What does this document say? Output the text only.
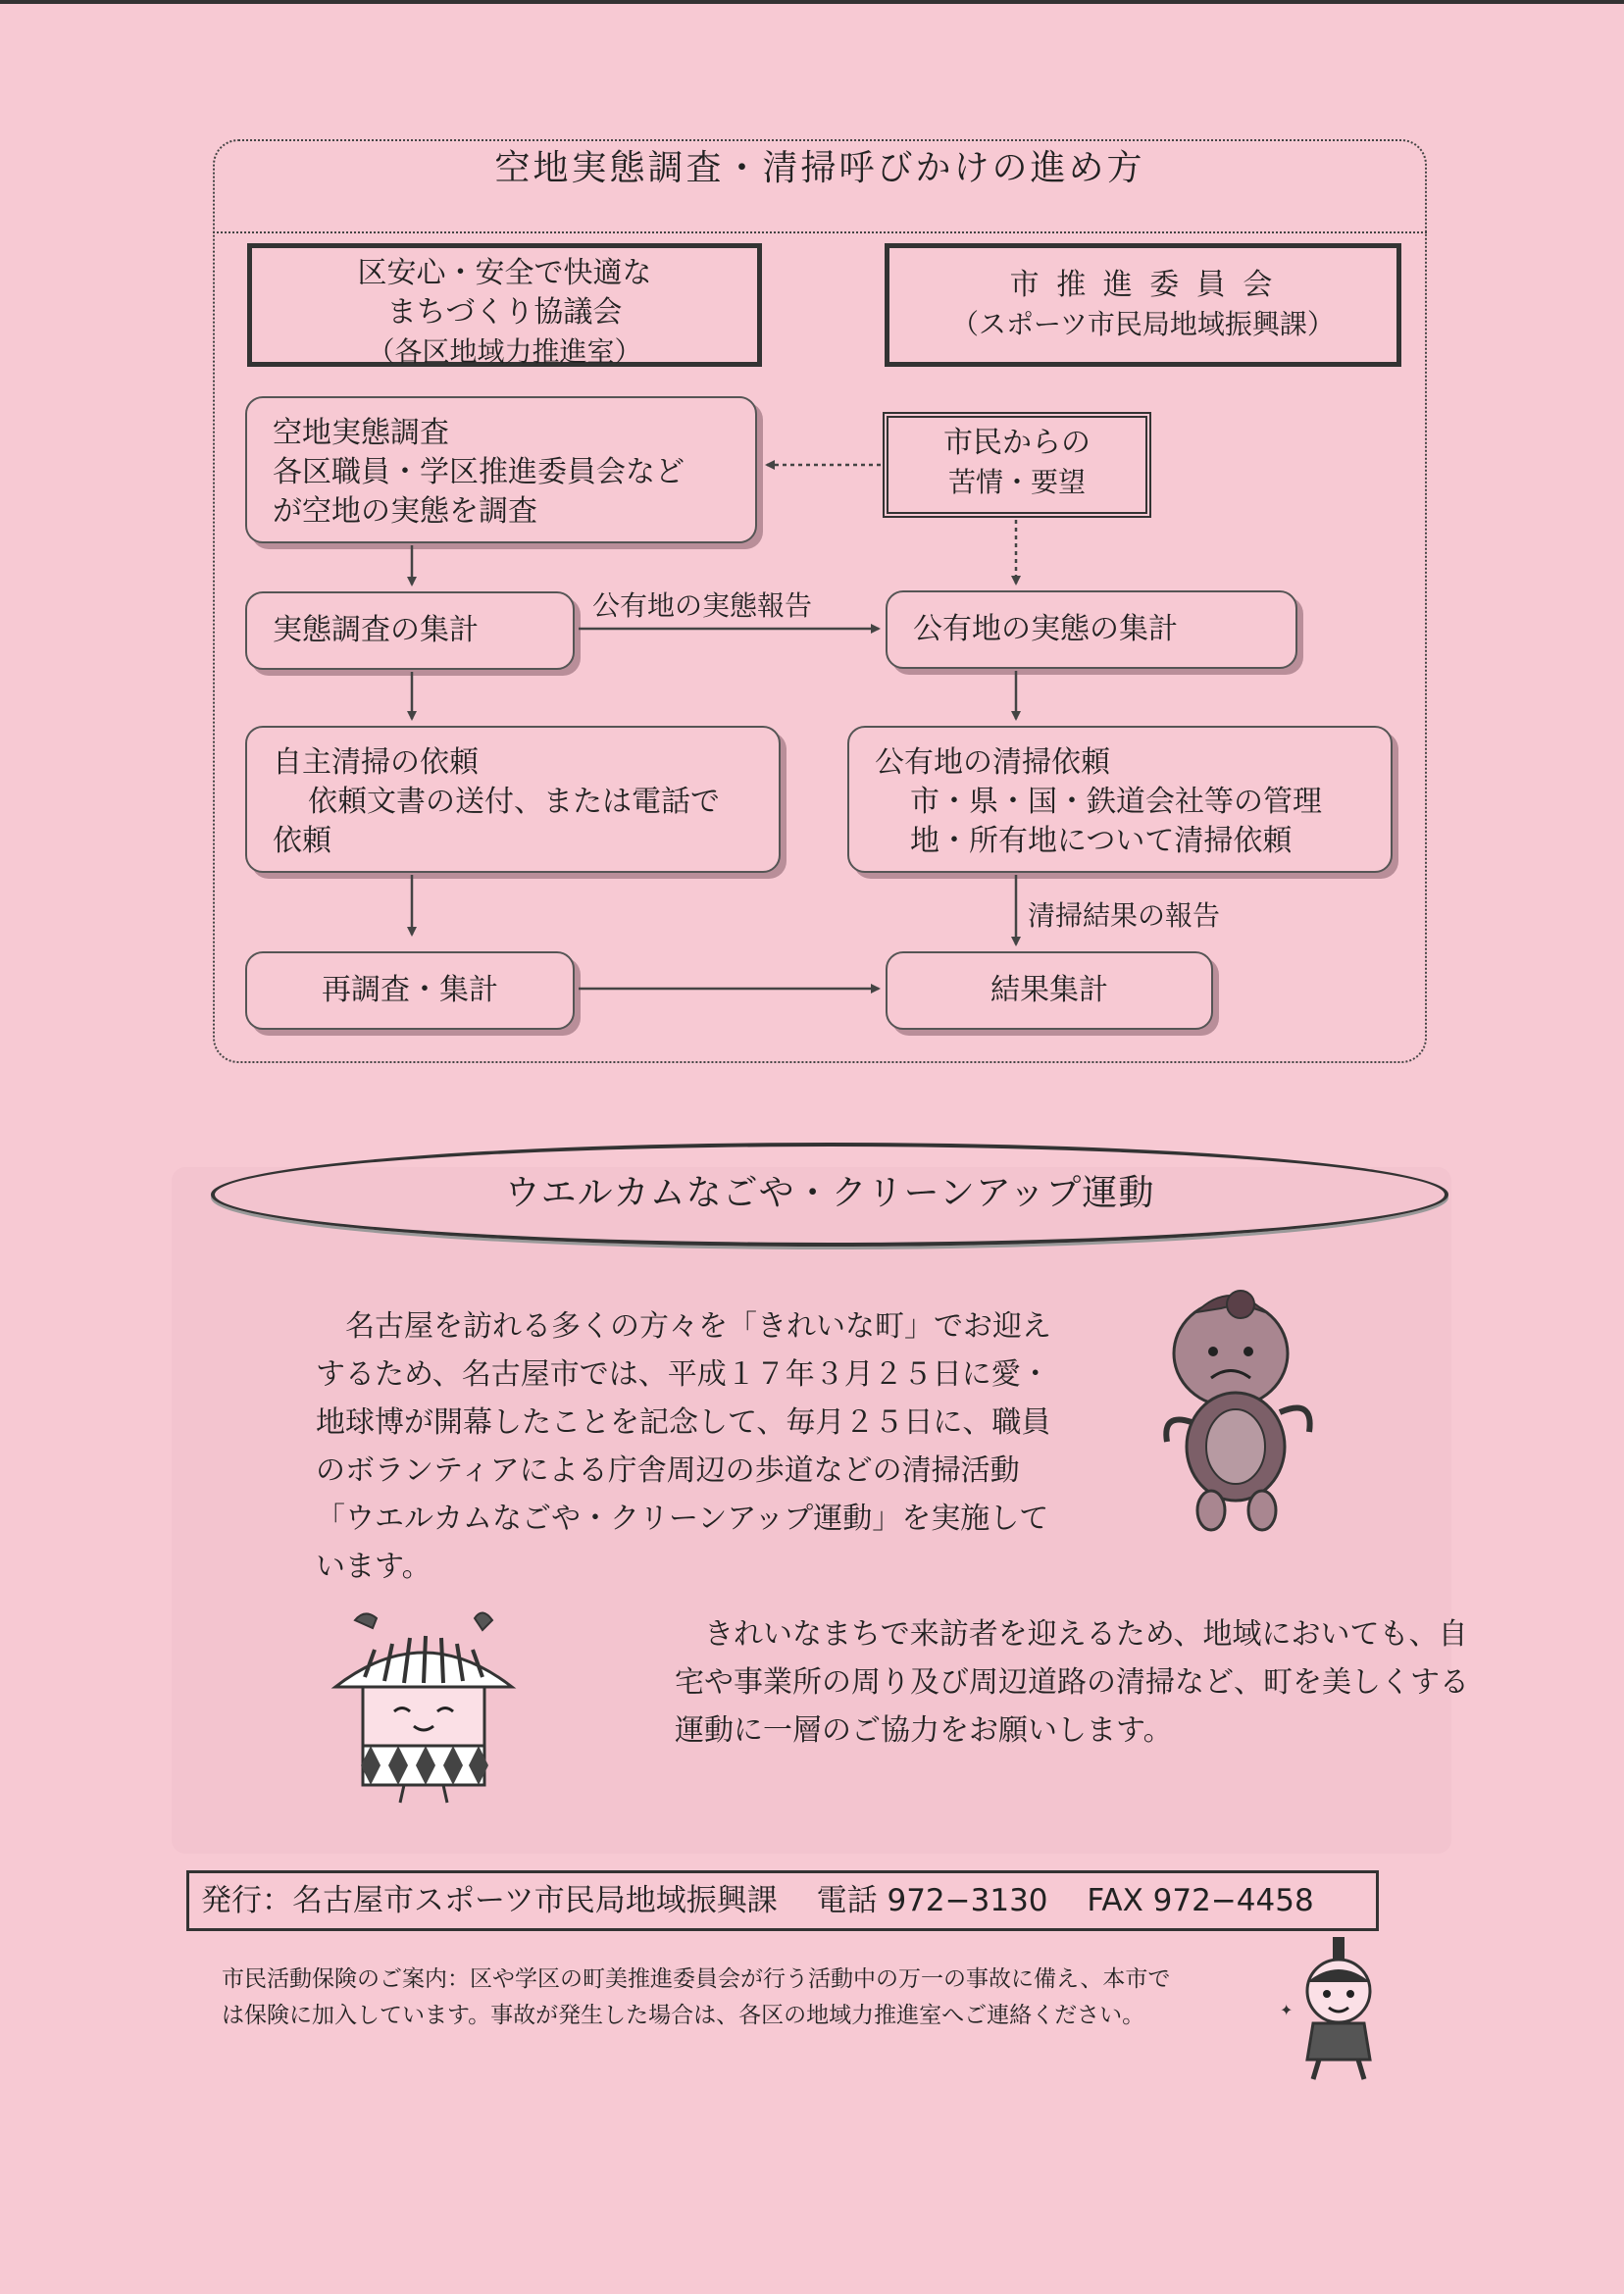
空地実態調査・清掃呼びかけの進め方
区安心・安全で快適な
まちづくり協議会
（各区地域力推進室）
市 推 進 委 員 会
（スポーツ市民局地域振興課）
空地実態調査
各区職員・学区推進委員会など
が空地の実態を調査
市民からの
苦情・要望
実態調査の集計
公有地の実態報告
公有地の実態の集計
自主清掃の依頼
依頼文書の送付、または電話で
依頼
公有地の清掃依頼
市・県・国・鉄道会社等の管理
地・所有地について清掃依頼
清掃結果の報告
再調査・集計	結果集計
ウエルカムなごや・クリーンアップ運動
　名古屋を訪れる多くの方々を「きれいな町」でお迎え
するため、名古屋市では、平成１７年３月２５日に愛・
地球博が開幕したことを記念して、毎月２５日に、職員
のボランティアによる庁舎周辺の歩道などの清掃活動
「ウエルカムなごや・クリーンアップ運動」を実施して
います。
　きれいなまちで来訪者を迎えるため、地域においても、自
宅や事業所の周り及び周辺道路の清掃など、町を美しくする
運動に一層のご協力をお願いします。
発行：名古屋市スポーツ市民局地域振興課 電話 972−3130 FAX 972−4458
市民活動保険のご案内：区や学区の町美推進委員会が行う活動中の万一の事故に備え、本市で
は保険に加入しています。事故が発生した場合は、各区の地域力推進室へご連絡ください。	✦
